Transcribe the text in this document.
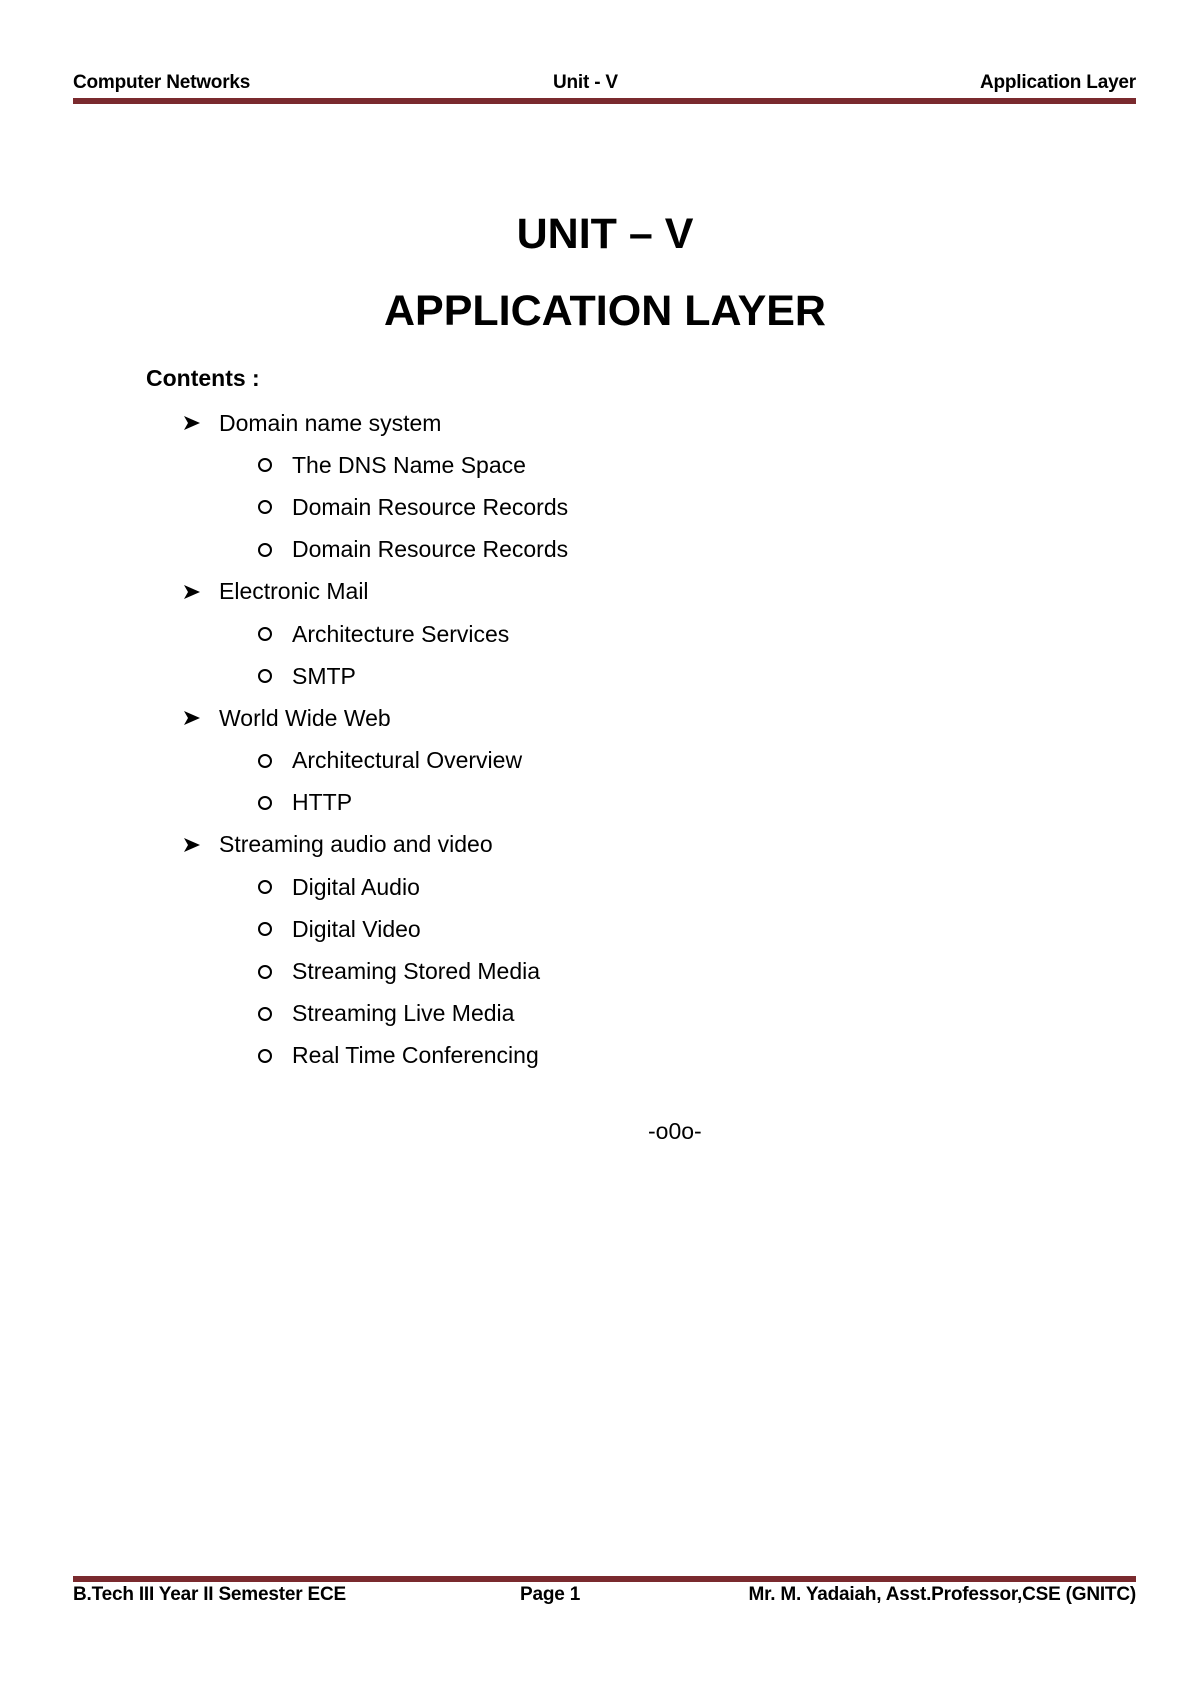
Computer Networks	Unit - V	Application Layer
UNIT – V
APPLICATION LAYER
Contents :
Domain name system
The DNS Name Space
Domain Resource Records
Domain Resource Records
Electronic Mail
Architecture Services
SMTP
World Wide Web
Architectural Overview
HTTP
Streaming audio and video
Digital Audio
Digital Video
Streaming Stored Media
Streaming Live Media
Real Time Conferencing
-o0o-
B.Tech III Year II Semester ECE	Page 1	Mr. M. Yadaiah, Asst.Professor,CSE (GNITC)
